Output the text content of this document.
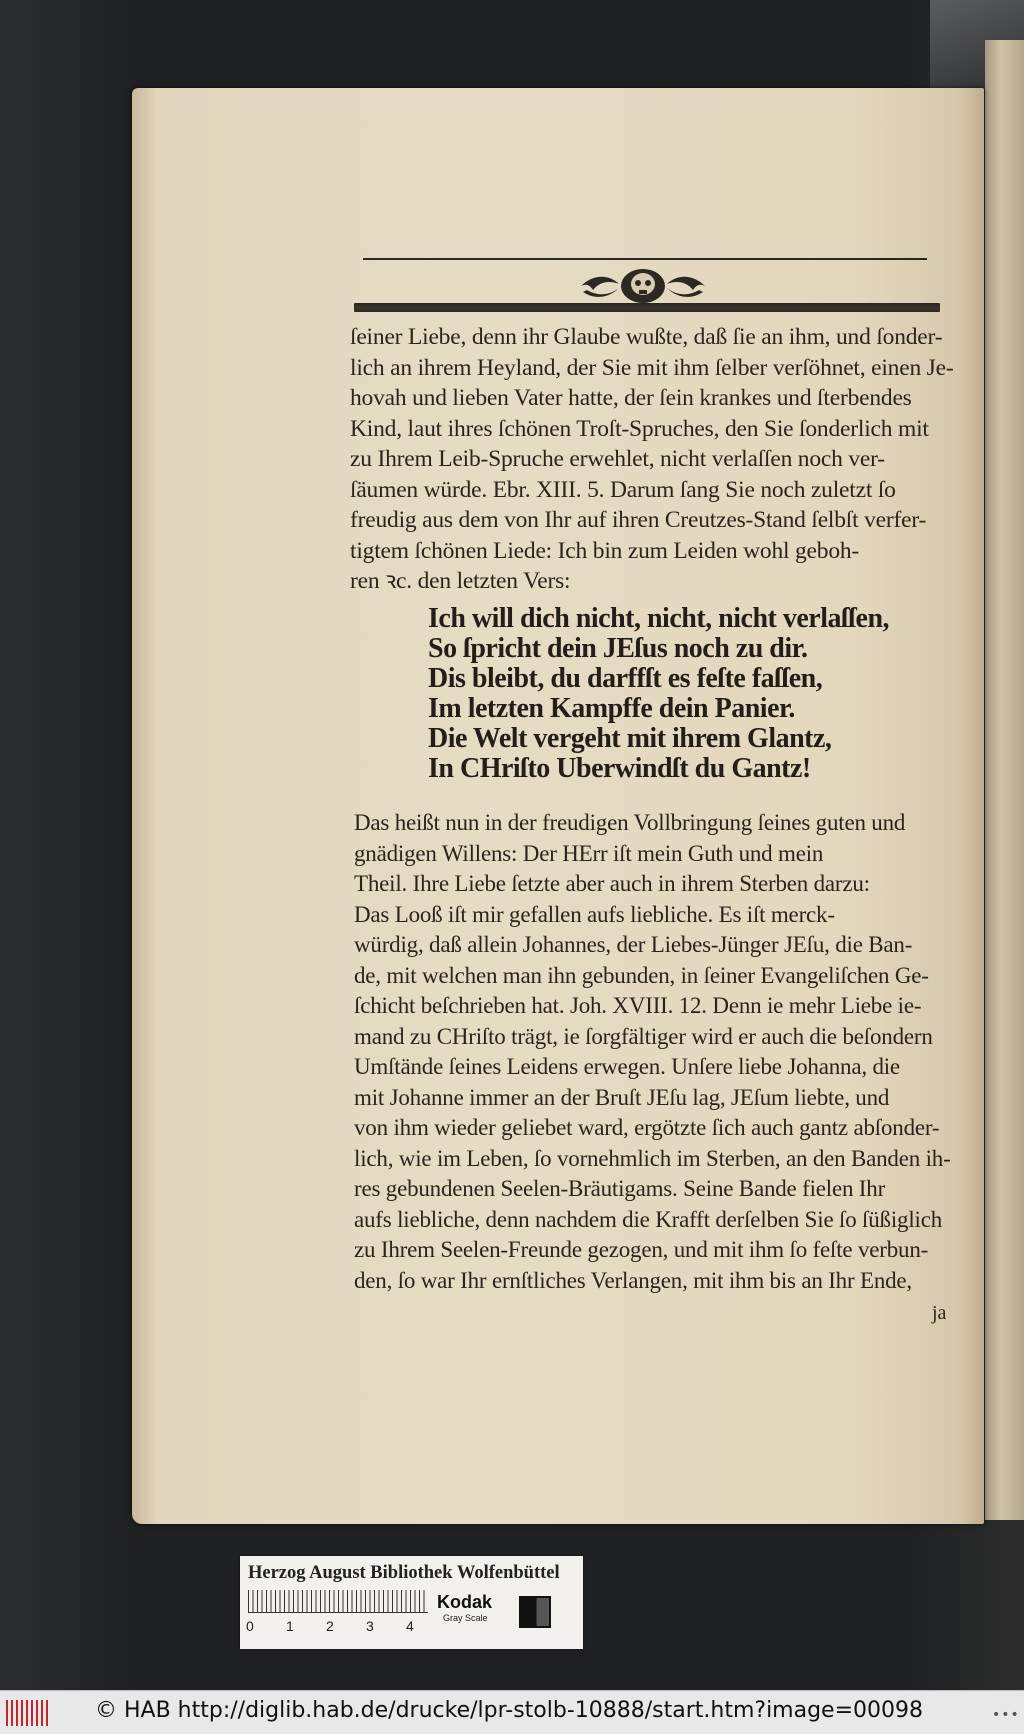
ſeiner Liebe, denn ihr Glaube wußte, daß ſie an ihm, und ſonder-
lich an ihrem Heyland, der Sie mit ihm ſelber verſöhnet, einen Je-
hovah und lieben Vater hatte, der ſein krankes und ſterbendes
Kind, laut ihres ſchönen Troſt-Spruches, den Sie ſonderlich mit
zu Ihrem Leib-Spruche erwehlet, nicht verlaſſen noch ver-
ſäumen würde. Ebr. XIII. 5. Darum ſang Sie noch zuletzt ſo
freudig aus dem von Ihr auf ihren Creutzes-Stand ſelbſt verfer-
tigtem ſchönen Liede: Ich bin zum Leiden wohl geboh-
ren ꝛc. den letzten Vers:
Ich will dich nicht, nicht, nicht verlaſſen,
So ſpricht dein JEſus noch zu dir.
Dis bleibt, du darffſt es feſte faſſen,
Im letzten Kampffe dein Panier.
Die Welt vergeht mit ihrem Glantz,
In CHriſto Uberwindſt du Gantz!
Das heißt nun in der freudigen Vollbringung ſeines guten und
gnädigen Willens: Der HErr iſt mein Guth und mein
Theil. Ihre Liebe ſetzte aber auch in ihrem Sterben darzu:
Das Looß iſt mir gefallen aufs liebliche. Es iſt merck-
würdig, daß allein Johannes, der Liebes-Jünger JEſu, die Ban-
de, mit welchen man ihn gebunden, in ſeiner Evangeliſchen Ge-
ſchicht beſchrieben hat. Joh. XVIII. 12. Denn ie mehr Liebe ie-
mand zu CHriſto trägt, ie ſorgfältiger wird er auch die beſondern
Umſtände ſeines Leidens erwegen. Unſere liebe Johanna, die
mit Johanne immer an der Bruſt JEſu lag, JEſum liebte, und
von ihm wieder geliebet ward, ergötzte ſich auch gantz abſonder-
lich, wie im Leben, ſo vornehmlich im Sterben, an den Banden ih-
res gebundenen Seelen-Bräutigams. Seine Bande fielen Ihr
aufs liebliche, denn nachdem die Krafft derſelben Sie ſo ſüßiglich
zu Ihrem Seelen-Freunde gezogen, und mit ihm ſo feſte verbun-
den, ſo war Ihr ernſtliches Verlangen, mit ihm bis an Ihr Ende,
ja
Herzog August Bibliothek Wolfenbüttel
0	1	2	3	4
Kodak
Gray Scale
© HAB http://diglib.hab.de/drucke/lpr-stolb-10888/start.htm?image=00098	•••
